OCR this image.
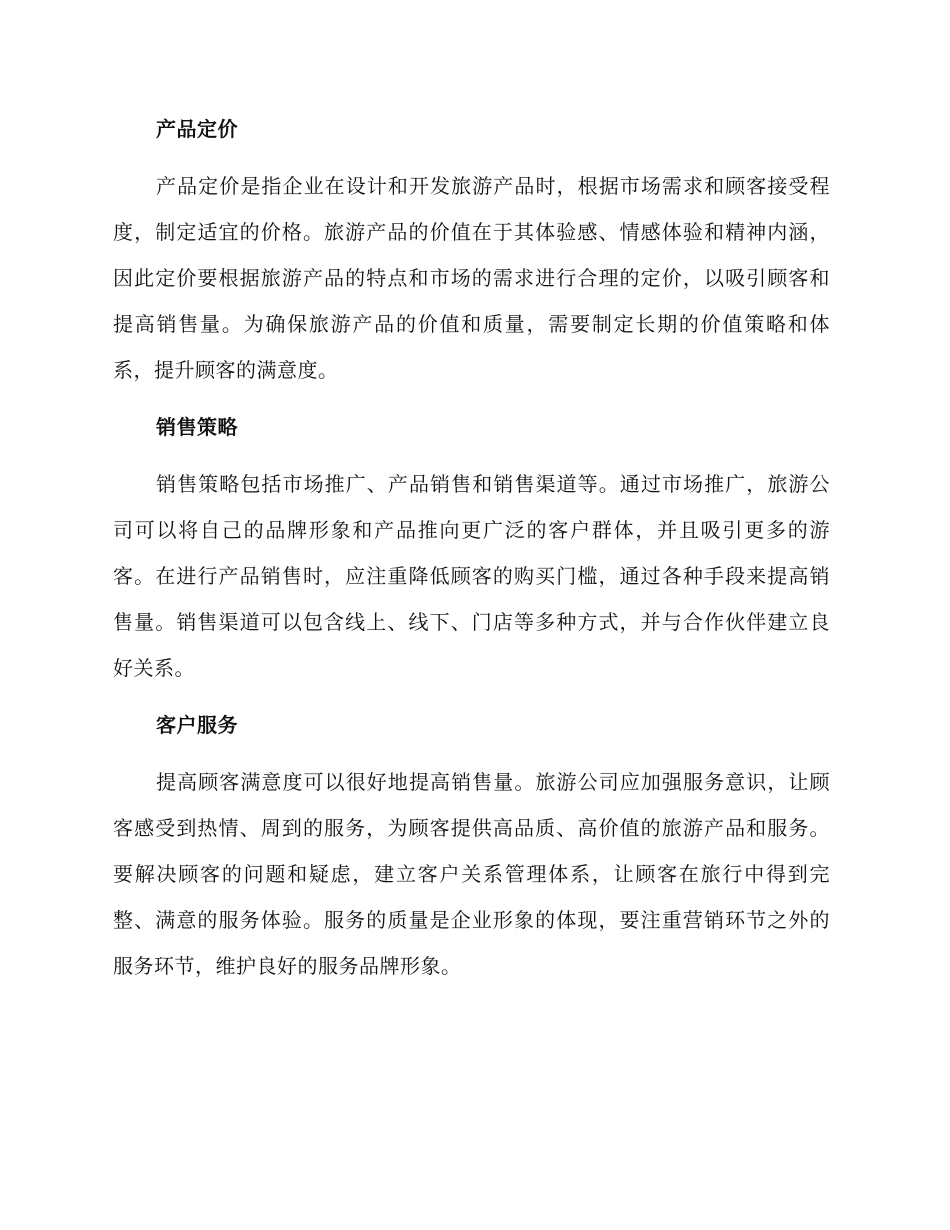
产品定价

产品定价是指企业在设计和开发旅游产品时，根据市场需求和顾客接受程度，制定适宜的价格。旅游产品的价值在于其体验感、情感体验和精神内涵，因此定价要根据旅游产品的特点和市场的需求进行合理的定价，以吸引顾客和提高销售量。为确保旅游产品的价值和质量，需要制定长期的价值策略和体系，提升顾客的满意度。

销售策略

销售策略包括市场推广、产品销售和销售渠道等。通过市场推广，旅游公司可以将自己的品牌形象和产品推向更广泛的客户群体，并且吸引更多的游客。在进行产品销售时，应注重降低顾客的购买门槛，通过各种手段来提高销售量。销售渠道可以包含线上、线下、门店等多种方式，并与合作伙伴建立良好关系。

客户服务

提高顾客满意度可以很好地提高销售量。旅游公司应加强服务意识，让顾客感受到热情、周到的服务，为顾客提供高品质、高价值的旅游产品和服务。要解决顾客的问题和疑虑，建立客户关系管理体系，让顾客在旅行中得到完整、满意的服务体验。服务的质量是企业形象的体现，要注重营销环节之外的服务环节，维护良好的服务品牌形象。
